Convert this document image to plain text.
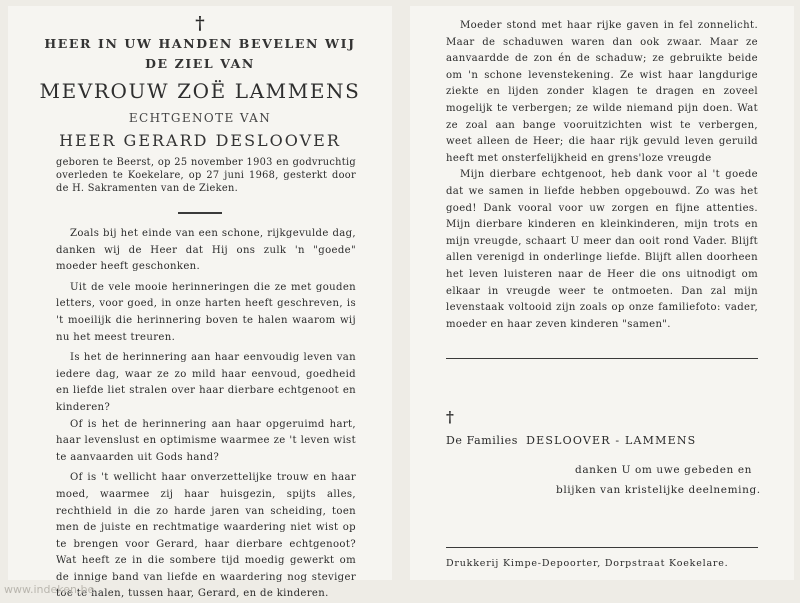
†
HEER IN UW HANDEN BEVELEN WIJ
DE ZIEL VAN
MEVROUW ZOË LAMMENS
ECHTGENOTE VAN
HEER GERARD DESLOOVER
geboren te Beerst, op 25 november 1903 en godvruchtig overleden te Koekelare, op 27 juni 1968, gesterkt door de H. Sakramenten van de Zieken.

Zoals bij het einde van een schone, rijkgevulde dag, danken wij de Heer dat Hij ons zulk 'n "goede" moeder heeft geschonken.

Uit de vele mooie herinneringen die ze met gouden letters, voor goed, in onze harten heeft geschreven, is 't moeilijk die herinnering boven te halen waarom wij nu het meest treuren.

Is het de herinnering aan haar eenvoudig leven van iedere dag, waar ze zo mild haar eenvoud, goedheid en liefde liet stralen over haar dierbare echtgenoot en kinderen?

Of is het de herinnering aan haar opgeruimd hart, haar levenslust en optimisme waarmee ze 't leven wist te aanvaarden uit Gods hand?

Of is 't wellicht haar onverzettelijke trouw en haar moed, waarmee zij haar huisgezin, spijts alles, rechthield in die zo harde jaren van scheiding, toen men de juiste en rechtmatige waardering niet wist op te brengen voor Gerard, haar dierbare echtgenoot? Wat heeft ze in die sombere tijd moedig gewerkt om de innige band van liefde en waardering nog steviger toe te halen, tussen haar, Gerard, en de kinderen.

Moeder stond met haar rijke gaven in fel zonnelicht. Maar de schaduwen waren dan ook zwaar. Maar ze aanvaardde de zon én de schaduw; ze gebruikte beide om 'n schone levenstekening. Ze wist haar langdurige ziekte en lijden zonder klagen te dragen en zoveel mogelijk te verbergen; ze wilde niemand pijn doen. Wat ze zoal aan bange vooruitzichten wist te verbergen, weet alleen de Heer; die haar rijk gevuld leven geruild heeft met onsterfelijkheid en grens'loze vreugde

Mijn dierbare echtgenoot, heb dank voor al 't goede dat we samen in liefde hebben opgebouwd. Zo was het goed! Dank vooral voor uw zorgen en fijne attenties. Mijn dierbare kinderen en kleinkinderen, mijn trots en mijn vreugde, schaart U meer dan ooit rond Vader. Blijft allen verenigd in onderlinge liefde. Blijft allen doorheen het leven luisteren naar de Heer die ons uitnodigt om elkaar in vreugde weer te ontmoeten. Dan zal mijn levenstaak voltooid zijn zoals op onze familiefoto: vader, moeder en haar zeven kinderen "samen".

†
De Families DESLOOVER - LAMMENS
danken U om uwe gebeden en
blijken van kristelijke deelneming.
Drukkerij Kimpe-Depoorter, Dorpstraat Koekelare.
www.indeken.be
